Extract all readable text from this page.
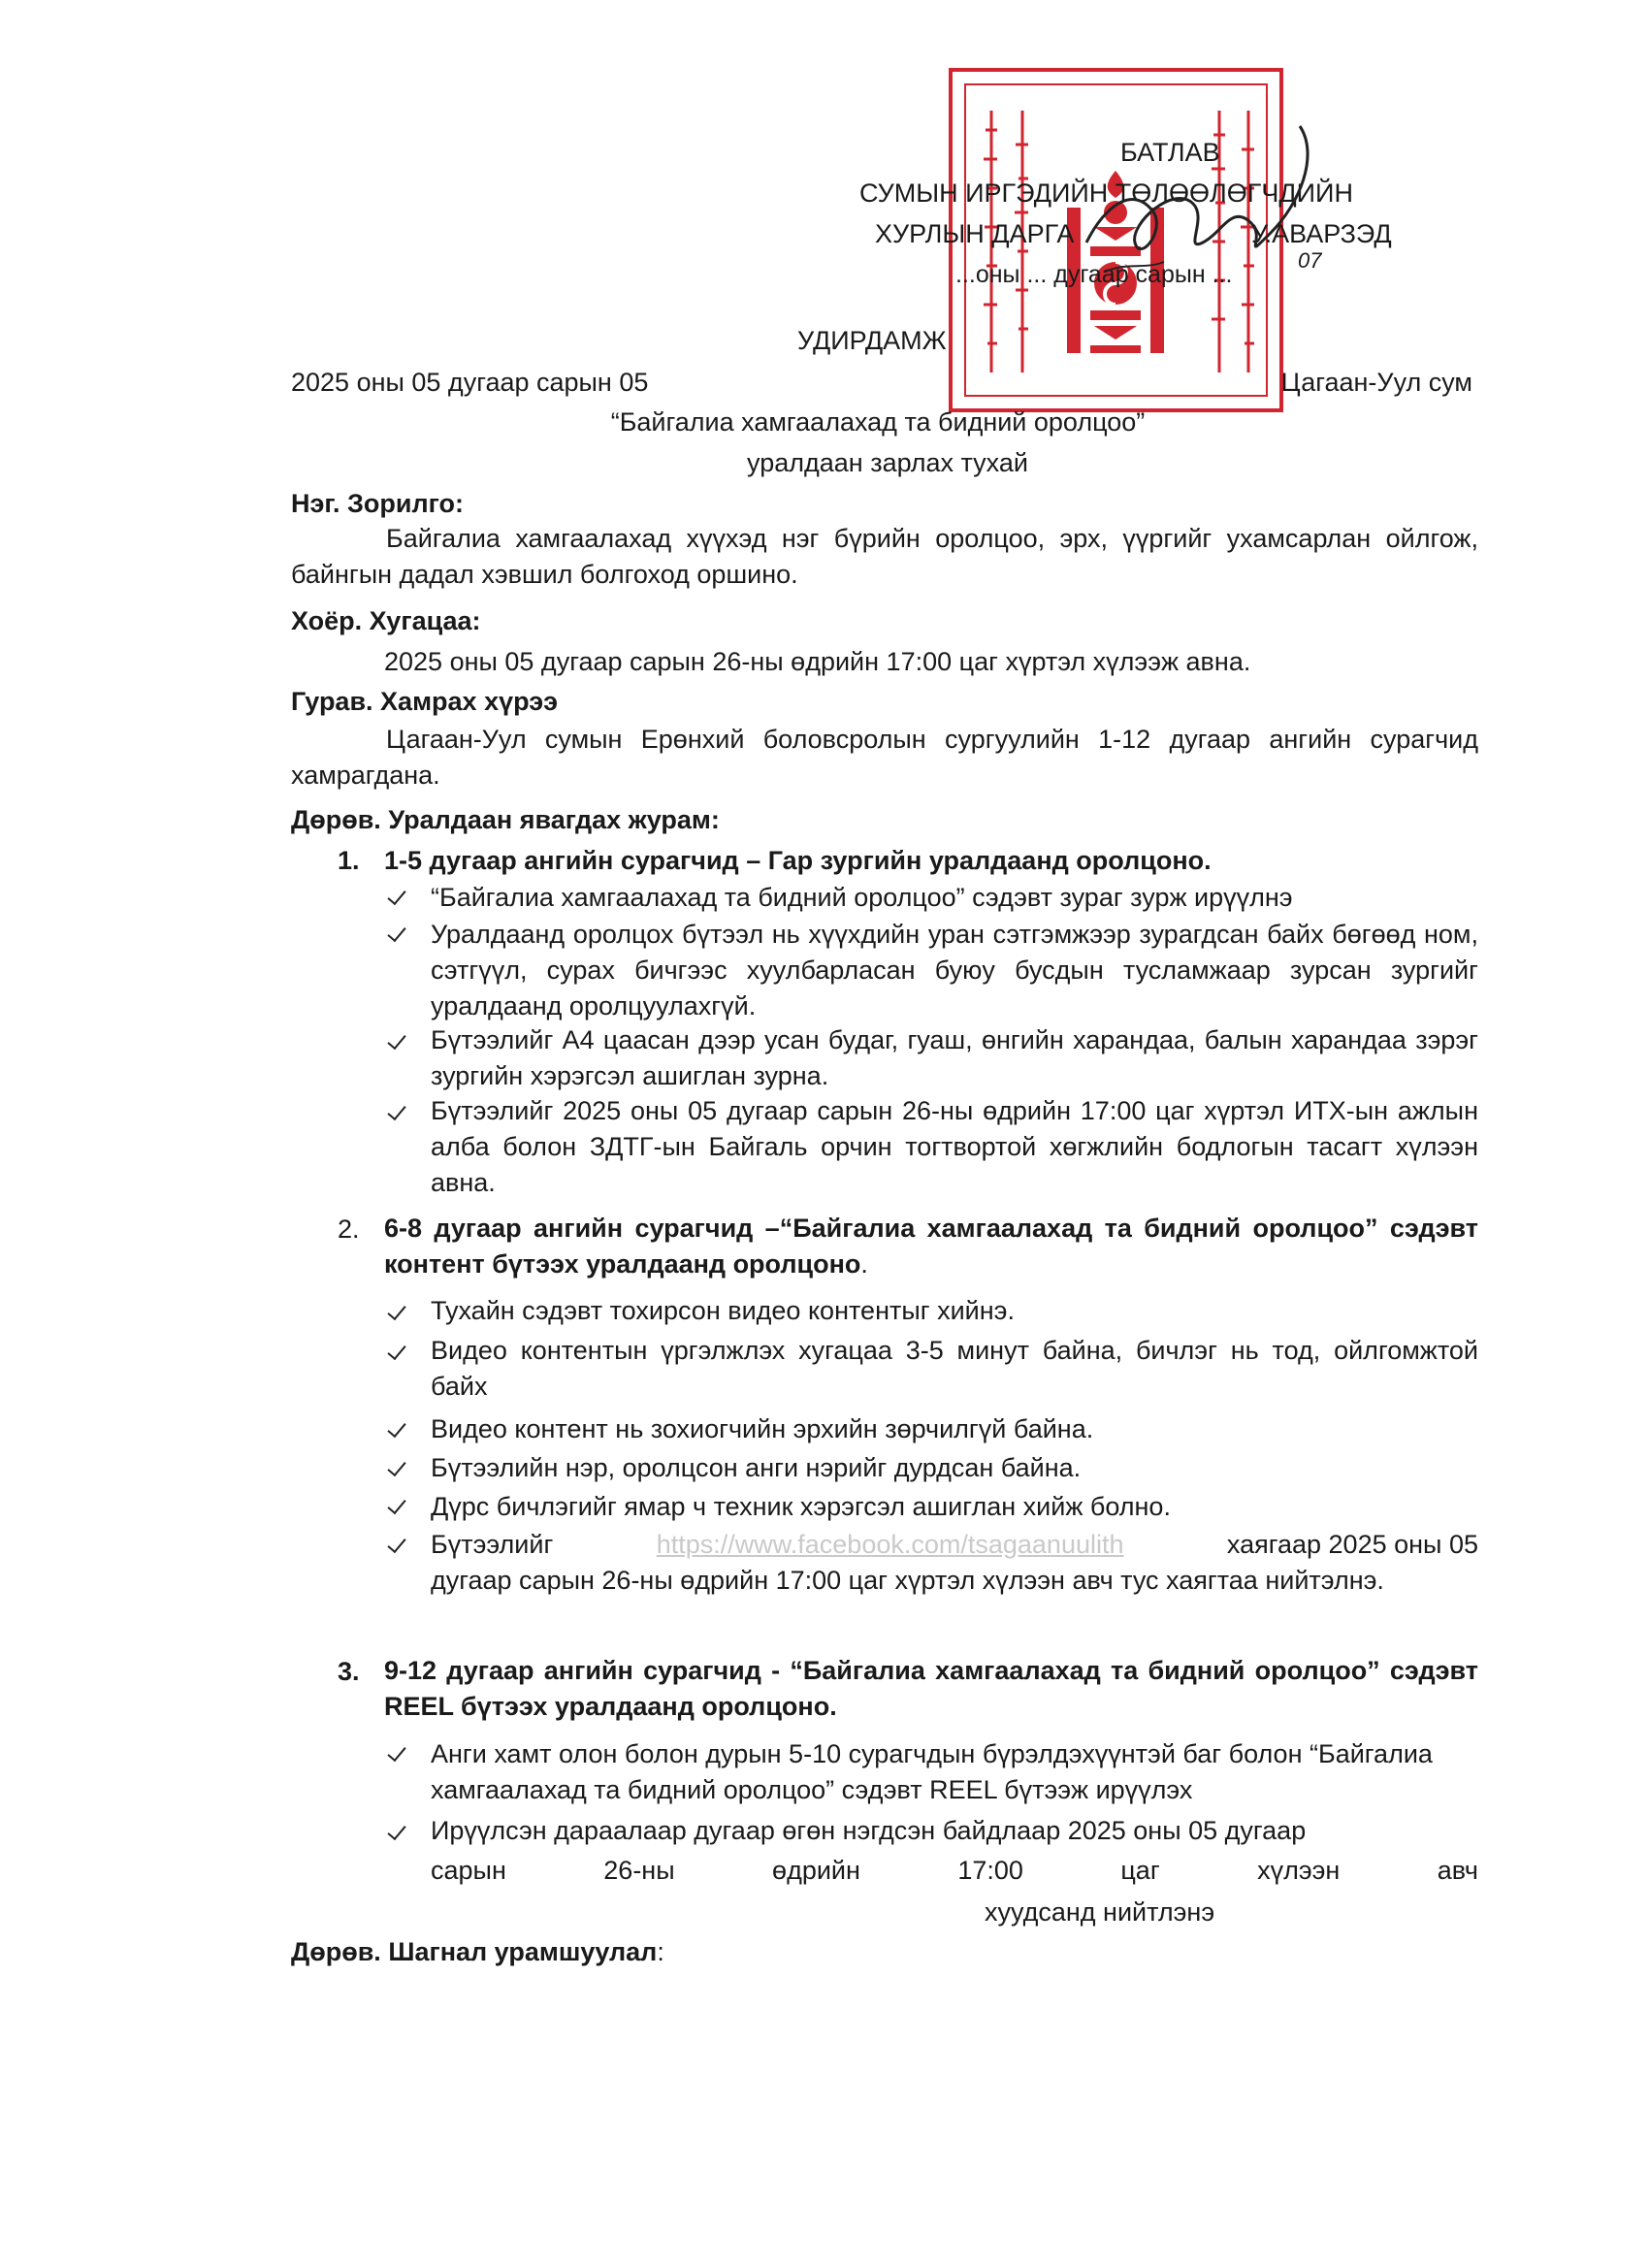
БАТЛАВ
СУМЫН ИРГЭДИЙН ТӨЛӨӨЛӨГЧДИЙН
ХУРЛЫН ДАРГА	У.АВАРЗЭД
...оны ... дугаар сарын ...
07
УДИРДАМЖ
2025 оны 05 дугаар сарын 05	Цагаан-Уул сум
“Байгалиа хамгаалахад та бидний оролцоо”
уралдаан зарлах тухай
Нэг. Зорилго:
Байгалиа хамгаалахад хүүхэд нэг бүрийн оролцоо, эрх, үүргийг ухамсарлан ойлгож, байнгын дадал хэвшил болгоход оршино.
Хоёр. Хугацаа:
2025 оны 05 дугаар сарын 26-ны өдрийн 17:00 цаг хүртэл хүлээж авна.
Гурав. Хамрах хүрээ
Цагаан-Уул сумын Ерөнхий боловсролын сургуулийн 1-12 дугаар ангийн сурагчид хамрагдана.
Дөрөв. Уралдаан явагдах журам:
1. 1-5 дугаар ангийн сурагчид – Гар зургийн уралдаанд оролцоно.
“Байгалиа хамгаалахад та бидний оролцоо” сэдэвт зураг зурж ирүүлнэ
Уралдаанд оролцох бүтээл нь хүүхдийн уран сэтгэмжээр зурагдсан байх бөгөөд ном, сэтгүүл, сурах бичгээс хуулбарласан буюу бусдын тусламжаар зурсан зургийг уралдаанд оролцуулахгүй.
Бүтээлийг А4 цаасан дээр усан будаг, гуаш, өнгийн харандаа, балын харандаа зэрэг зургийн хэрэгсэл ашиглан зурна.
Бүтээлийг 2025 оны 05 дугаар сарын 26-ны өдрийн 17:00 цаг хүртэл ИТХ-ын ажлын алба болон ЗДТГ-ын Байгаль орчин тогтвортой хөгжлийн бодлогын тасагт хүлээн авна.
2. 6-8 дугаар ангийн сурагчид –“Байгалиа хамгаалахад та бидний оролцоо” сэдэвт контент бүтээх уралдаанд оролцоно.
Тухайн сэдэвт тохирсон видео контентыг хийнэ.
Видео контентын үргэлжлэх хугацаа 3-5 минут байна, бичлэг нь тод, ойлгомжтой байх
Видео контент нь зохиогчийн эрхийн зөрчилгүй байна.
Бүтээлийн нэр, оролцсон анги нэрийг дурдсан байна.
Дүрс бичлэгийг ямар ч техник хэрэгсэл ашиглан хийж болно.
Бүтээлийг	https://www.facebook.com/tsagaanuulith	хаягаар 2025 оны 05
дугаар сарын 26-ны өдрийн 17:00 цаг хүртэл хүлээн авч тус хаягтаа нийтэлнэ.
3. 9-12 дугаар ангийн сурагчид - “Байгалиа хамгаалахад та бидний оролцоо” сэдэвт REEL бүтээх уралдаанд оролцоно.
Анги хамт олон болон дурын 5-10 сурагчдын бүрэлдэхүүнтэй баг болон “Байгалиа хамгаалахад та бидний оролцоо” сэдэвт REEL бүтээж ирүүлэх
Ирүүлсэн дараалаар дугаар өгөн нэгдсэн байдлаар 2025 оны 05 дугаар
сарын	26-ны	өдрийн	17:00	цаг	хүлээн	авч
хуудсанд нийтлэнэ
Дөрөв. Шагнал урамшуулал:
